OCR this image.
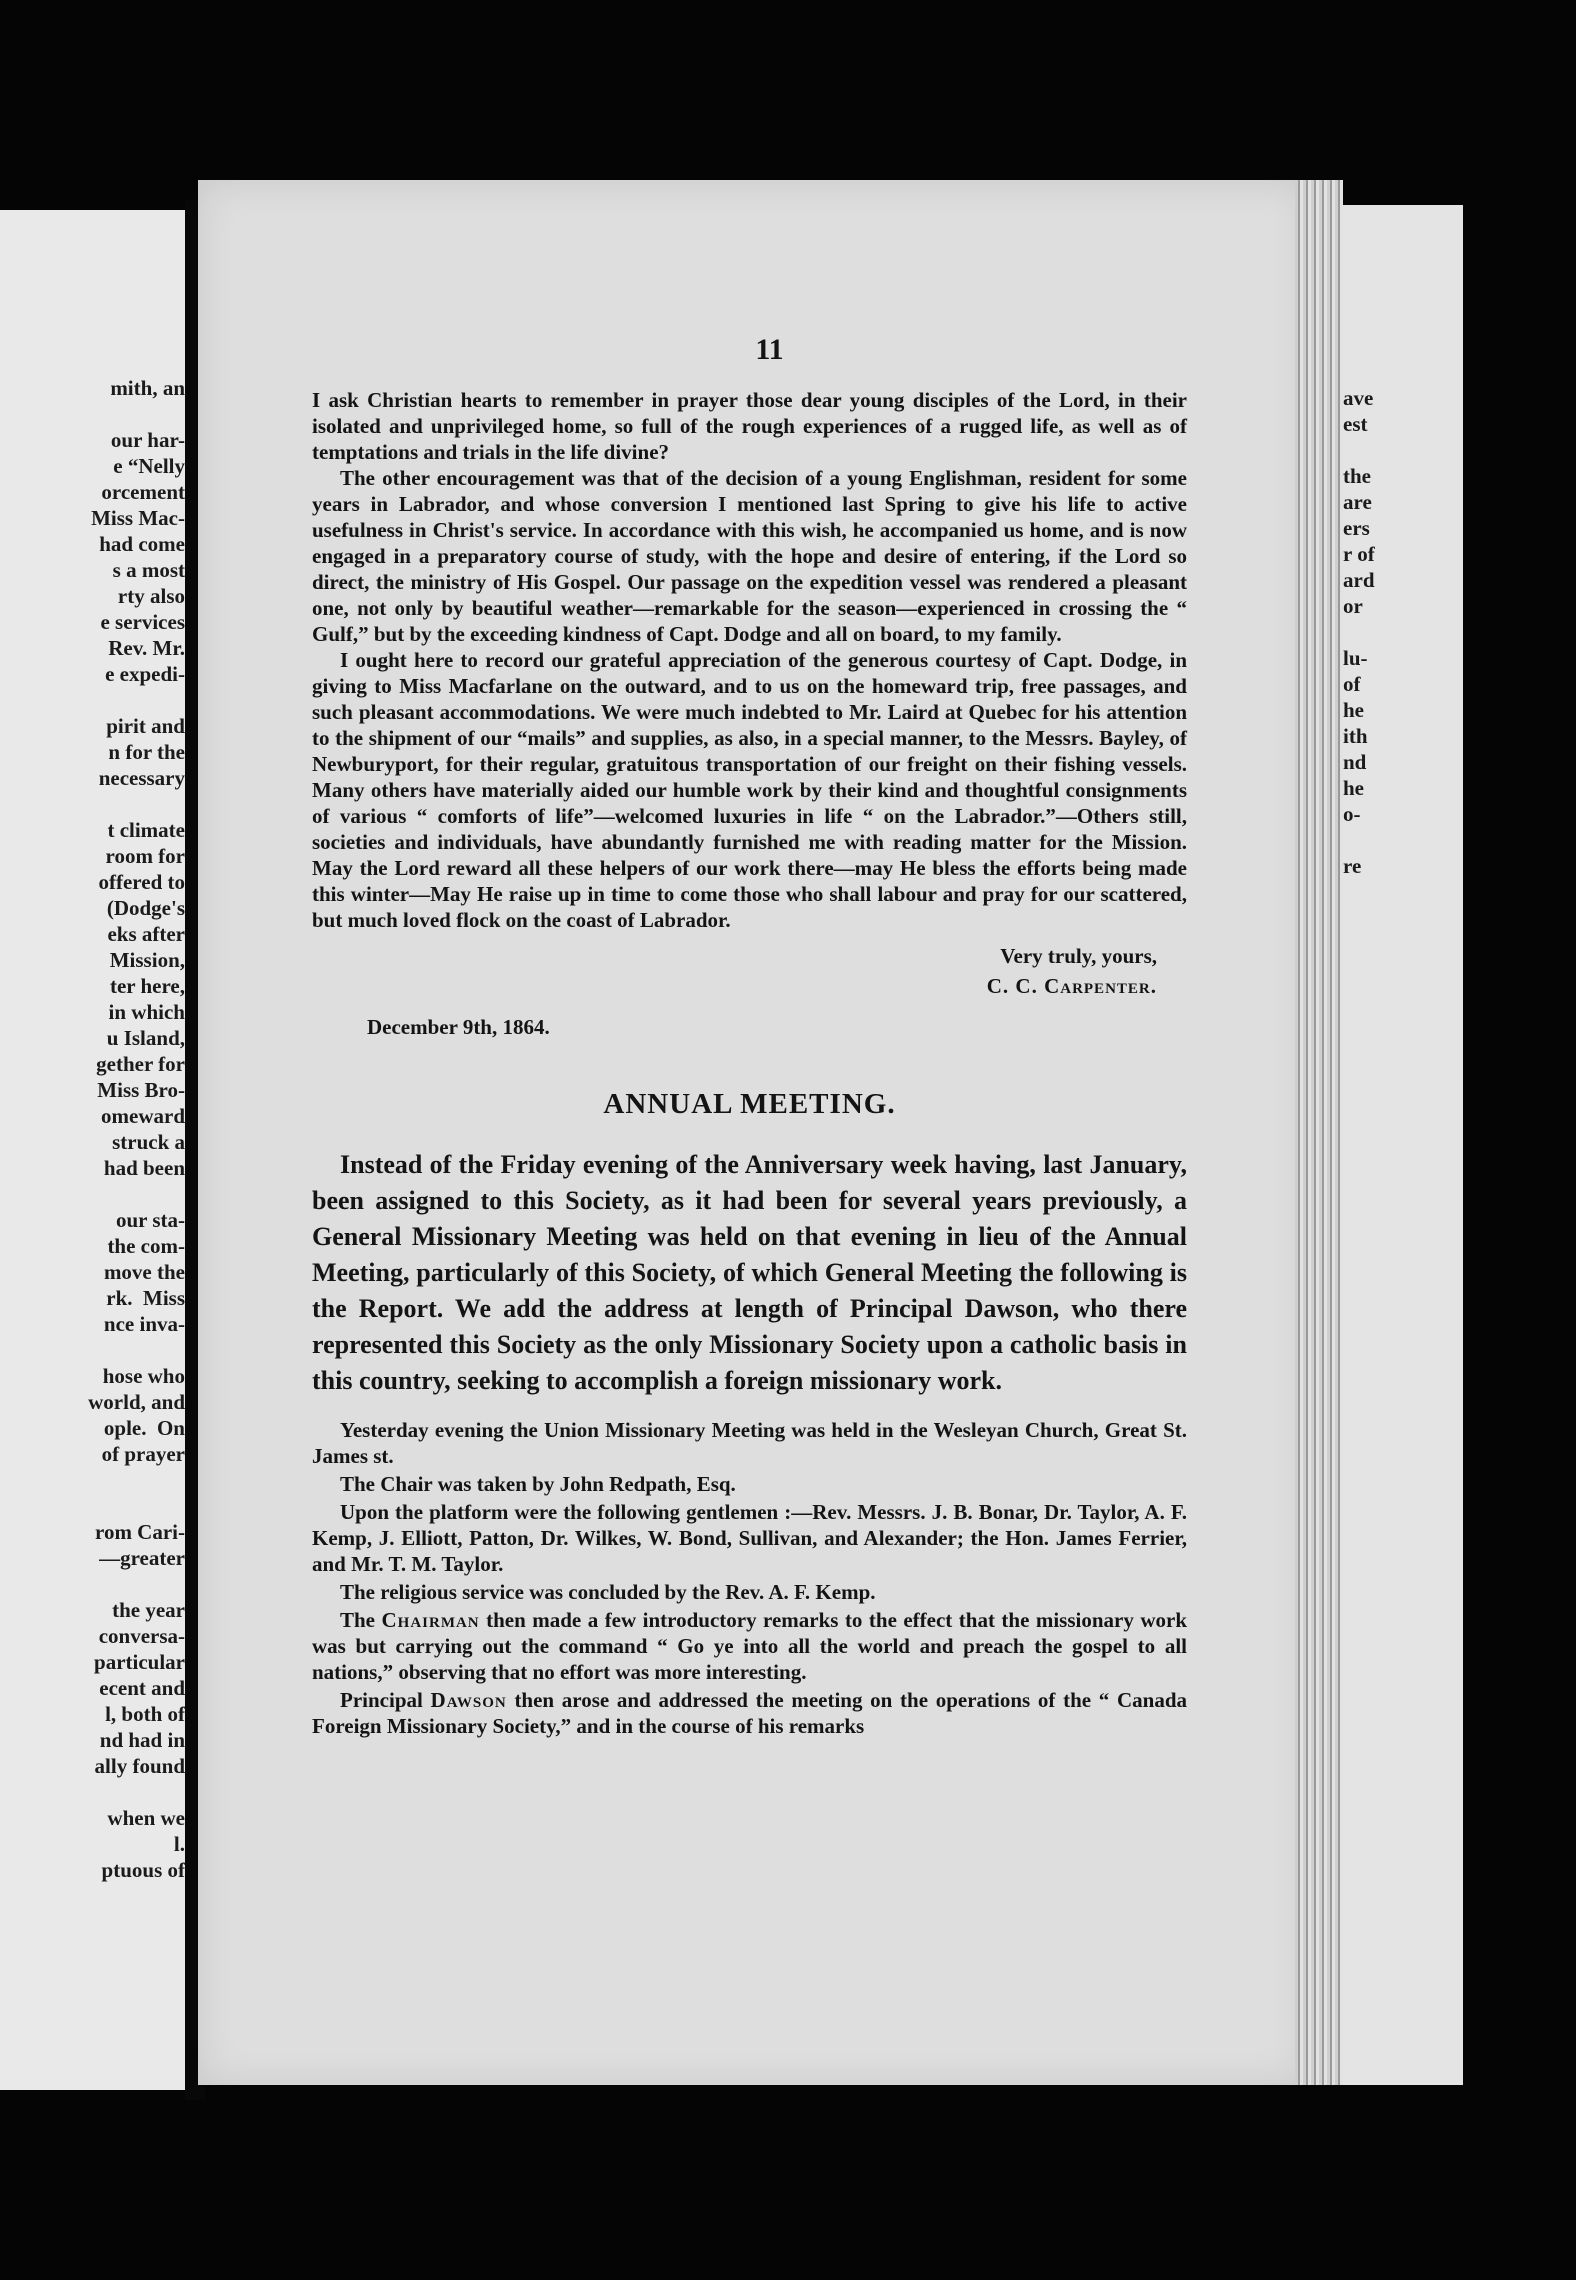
mith, an

our har-
e “Nelly
orcement
Miss Mac-
had come
s a most
rty also
e services
Rev. Mr.
e expedi-

pirit and
n for the
necessary

t climate
room for
offered to
(Dodge's
eks after
Mission,
ter here,
in which
u Island,
gether for
Miss Bro-
omeward
struck a
had been

our sta-
the com-
move the
rk.  Miss
nce inva-

hose who
world, and
ople.  On
of prayer

rom Cari-
—greater

the year
conversa-
particular
ecent and
l, both of
nd had in
ally found

when we
l.
ptuous of
ave
est

the
are
ers
r of
ard
or

lu-
of
he
ith
nd
he
o-

re
11

I ask Christian hearts to remember in prayer those dear young disciples of the Lord, in their isolated and unprivileged home, so full of the rough experiences of a rugged life, as well as of temptations and trials in the life divine?

The other encouragement was that of the decision of a young Englishman, resident for some years in Labrador, and whose conversion I mentioned last Spring to give his life to active usefulness in Christ's service. In accordance with this wish, he accompanied us home, and is now engaged in a preparatory course of study, with the hope and desire of entering, if the Lord so direct, the ministry of His Gospel. Our passage on the expedition vessel was rendered a pleasant one, not only by beautiful weather—remarkable for the season—experienced in crossing the “ Gulf,” but by the exceeding kindness of Capt. Dodge and all on board, to my family.

I ought here to record our grateful appreciation of the generous courtesy of Capt. Dodge, in giving to Miss Macfarlane on the outward, and to us on the homeward trip, free passages, and such pleasant accommodations. We were much indebted to Mr. Laird at Quebec for his attention to the shipment of our “mails” and supplies, as also, in a special manner, to the Messrs. Bayley, of Newburyport, for their regular, gratuitous transportation of our freight on their fishing vessels. Many others have materially aided our humble work by their kind and thoughtful consignments of various “ comforts of life”—welcomed luxuries in life “ on the Labrador.”—Others still, societies and individuals, have abundantly furnished me with reading matter for the Mission. May the Lord reward all these helpers of our work there—may He bless the efforts being made this winter—May He raise up in time to come those who shall labour and pray for our scattered, but much loved flock on the coast of Labrador.

Very truly, yours,
C. C. Carpenter.
December 9th, 1864.
ANNUAL MEETING.

Instead of the Friday evening of the Anniversary week having, last January, been assigned to this Society, as it had been for several years previously, a General Missionary Meeting was held on that evening in lieu of the Annual Meeting, particularly of this Society, of which General Meeting the following is the Report. We add the address at length of Principal Dawson, who there represented this Society as the only Missionary Society upon a catholic basis in this country, seeking to accomplish a foreign missionary work.

Yesterday evening the Union Missionary Meeting was held in the Wesleyan Church, Great St. James st.

The Chair was taken by John Redpath, Esq.

Upon the platform were the following gentlemen :—Rev. Messrs. J. B. Bonar, Dr. Taylor, A. F. Kemp, J. Elliott, Patton, Dr. Wilkes, W. Bond, Sullivan, and Alexander; the Hon. James Ferrier, and Mr. T. M. Taylor.

The religious service was concluded by the Rev. A. F. Kemp.

The Chairman then made a few introductory remarks to the effect that the missionary work was but carrying out the command “ Go ye into all the world and preach the gospel to all nations,” observing that no effort was more interesting.

Principal Dawson then arose and addressed the meeting on the operations of the “ Canada Foreign Missionary Society,” and in the course of his remarks
